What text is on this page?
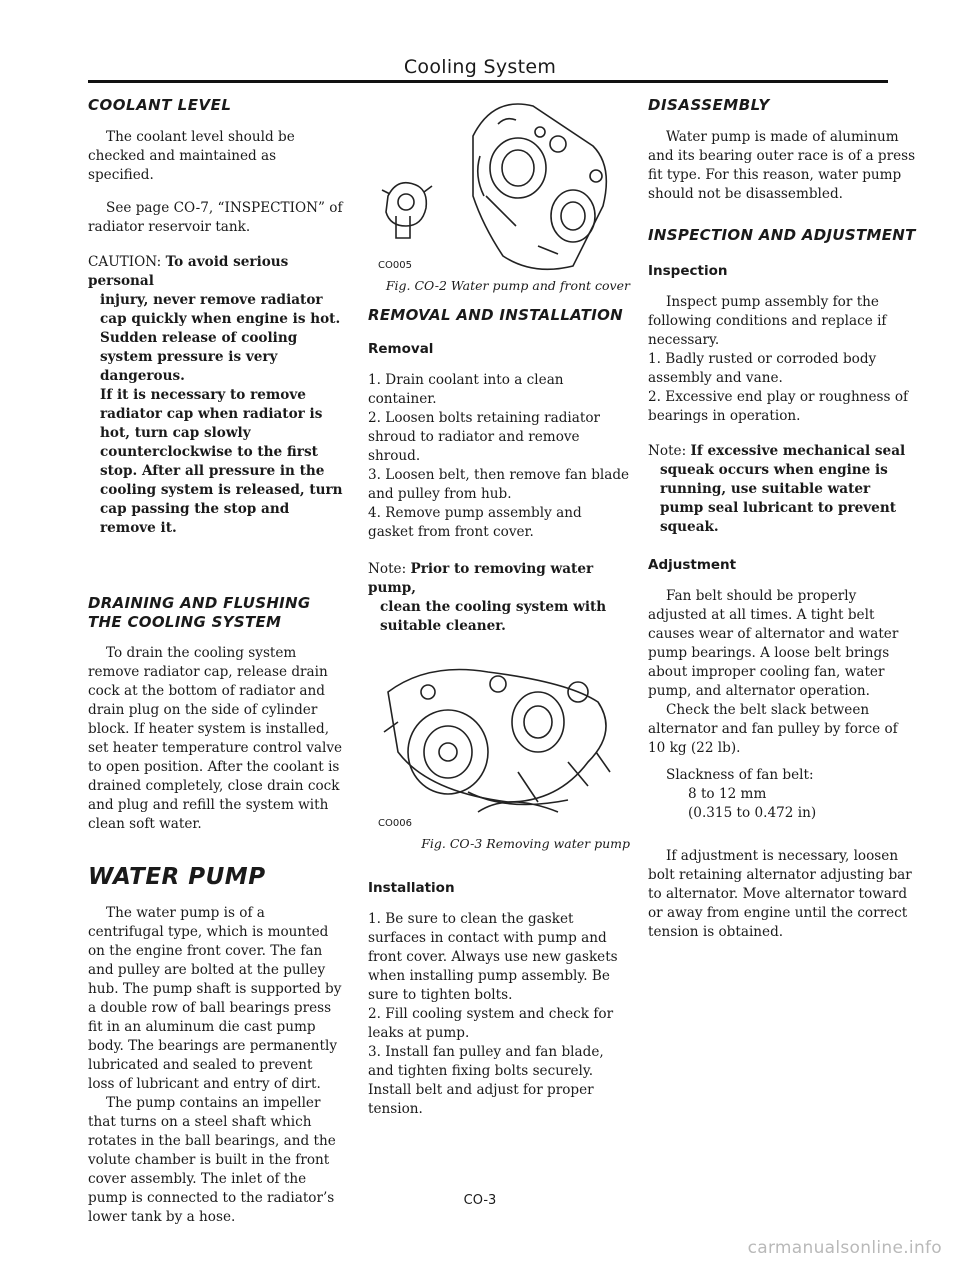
Cooling System
COOLANT LEVEL

The coolant level should be checked and maintained as specified.

See page CO-7, “INSPECTION” of radiator reservoir tank.

CAUTION: To avoid serious personal
injury, never remove radiator cap quickly when engine is hot. Sudden release of cooling system pressure is very dangerous.
If it is necessary to remove radiator cap when radiator is hot, turn cap slowly counterclockwise to the first stop. After all pressure in the cooling system is released, turn cap passing the stop and remove it.
DRAINING AND FLUSHING THE COOLING SYSTEM

To drain the cooling system remove radiator cap, release drain cock at the bottom of radiator and drain plug on the side of cylinder block. If heater system is installed, set heater temperature control valve to open position. After the coolant is drained completely, close drain cock and plug and refill the system with clean soft water.

WATER PUMP

The water pump is of a centrifugal type, which is mounted on the engine front cover. The fan and pulley are bolted at the pulley hub. The pump shaft is supported by a double row of ball bearings press fit in an aluminum die cast pump body. The bearings are permanently lubricated and sealed to prevent loss of lubricant and entry of dirt.

The pump contains an impeller that turns on a steel shaft which rotates in the ball bearings, and the volute chamber is built in the front cover assembly. The inlet of the pump is connected to the radiator’s lower tank by a hose.

CO005

Fig. CO-2 Water pump and front cover

REMOVAL AND INSTALLATION
Removal

1. Drain coolant into a clean container.

2. Loosen bolts retaining radiator shroud to radiator and remove shroud.

3. Loosen belt, then remove fan blade and pulley from hub.

4. Remove pump assembly and gasket from front cover.

Note: Prior to removing water pump,
clean the cooling system with suitable cleaner.
CO006

Fig. CO-3 Removing water pump

Installation

1. Be sure to clean the gasket surfaces in contact with pump and front cover. Always use new gaskets when installing pump assembly. Be sure to tighten bolts.

2. Fill cooling system and check for leaks at pump.

3. Install fan pulley and fan blade, and tighten fixing bolts securely. Install belt and adjust for proper tension.

DISASSEMBLY

Water pump is made of aluminum and its bearing outer race is of a press fit type. For this reason, water pump should not be disassembled.

INSPECTION AND ADJUSTMENT
Inspection

Inspect pump assembly for the following conditions and replace if necessary.

1. Badly rusted or corroded body assembly and vane.

2. Excessive end play or roughness of bearings in operation.

Note: If excessive mechanical seal
squeak occurs when engine is running, use suitable water pump seal lubricant to prevent squeak.
Adjustment

Fan belt should be properly adjusted at all times. A tight belt causes wear of alternator and water pump bearings. A loose belt brings about improper cooling fan, water pump, and alternator operation.

Check the belt slack between alternator and fan pulley by force of 10 kg (22 lb).

Slackness of fan belt:

8 to 12 mm

(0.315 to 0.472 in)

If adjustment is necessary, loosen bolt retaining alternator adjusting bar to alternator. Move alternator toward or away from engine until the correct tension is obtained.

CO-3
carmanualsonline.info
